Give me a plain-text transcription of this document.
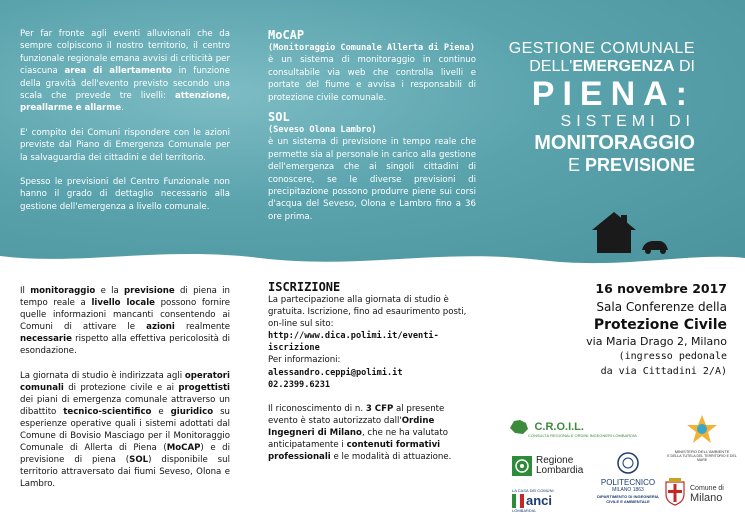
Per far fronte agli eventi alluvionali che da sempre colpiscono il nostro territorio, il centro funzionale regionale emana avvisi di criticità per ciascuna area di allertamento in funzione della gravità dell'evento previsto secondo una scala che prevede tre livelli: attenzione, preallarme e allarme.

E' compito dei Comuni rispondere con le azioni previste dal Piano di Emergenza Comunale per la salvaguardia dei cittadini e del territorio.

Spesso le previsioni del Centro Funzionale non hanno il grado di dettaglio necessario alla gestione dell'emergenza a livello comunale.

MoCAP
(Monitoraggio Comunale Allerta di Piena)

è un sistema di monitoraggio in continuo consultabile via web che controlla livelli e portate del fiume e avvisa i responsabili di protezione civile comunale.

SOL
(Seveso Olona Lambro)

è un sistema di previsione in tempo reale che permette sia al personale in carico alla gestione dell'emergenza che ai singoli cittadini di conoscere, se le diverse previsioni di precipitazione possono produrre piene sui corsi d'acqua del Seveso, Olona e Lambro fino a 36 ore prima.

GESTIONE COMUNALE
DELL'EMERGENZA DI
PIENA:
SISTEMI DI
MONITORAGGIO
E PREVISIONE

Il monitoraggio e la previsione di piena in tempo reale a livello locale possono fornire quelle informazioni mancanti consentendo ai Comuni di attivare le azioni realmente necessarie rispetto alla effettiva pericolosità di esondazione.

La giornata di studio è indirizzata agli operatori comunali di protezione civile e ai progettisti dei piani di emergenza comunale attraverso un dibattito tecnico-scientifico e giuridico su esperienze operative quali i sistemi adottati dal Comune di Bovisio Masciago per il Monitoraggio Comunale di Allerta di Piena (MoCAP) e di previsione di piena (SOL) disponibile sul territorio attraversato dai fiumi Seveso, Olona e Lambro.

ISCRIZIONE

La partecipazione alla giornata di studio è gratuita. Iscrizione, fino ad esaurimento posti, on-line sul sito:

http://www.dica.polimi.it/eventi-iscrizione

Per informazioni:

alessandro.ceppi@polimi.it

02.2399.6231

Il riconoscimento di n. 3 CFP al presente evento è stato autorizzato dall'Ordine Ingegneri di Milano, che ne ha valutato anticipatamente i contenuti formativi professionali e le modalità di attuazione.

16 novembre 2017
Sala Conferenze della
Protezione Civile
via Maria Drago 2, Milano
(ingresso pedonale
da via Cittadini 2/A)
C.R.O.I.L.
CONSULTA REGIONALE ORDINI INGEGNERI LOMBARDIA
MINISTERO DELL'AMBIENTE
E DELLA TUTELA DEL TERRITORIO E DEL MARE
Regione
Lombardia
POLITECNICO
MILANO 1863
DIPARTIMENTO DI INGEGNERIA
CIVILE E AMBIENTALE
LA CASA DEI COMUNI
anci
LOMBARDIA
Comune di
Milano
